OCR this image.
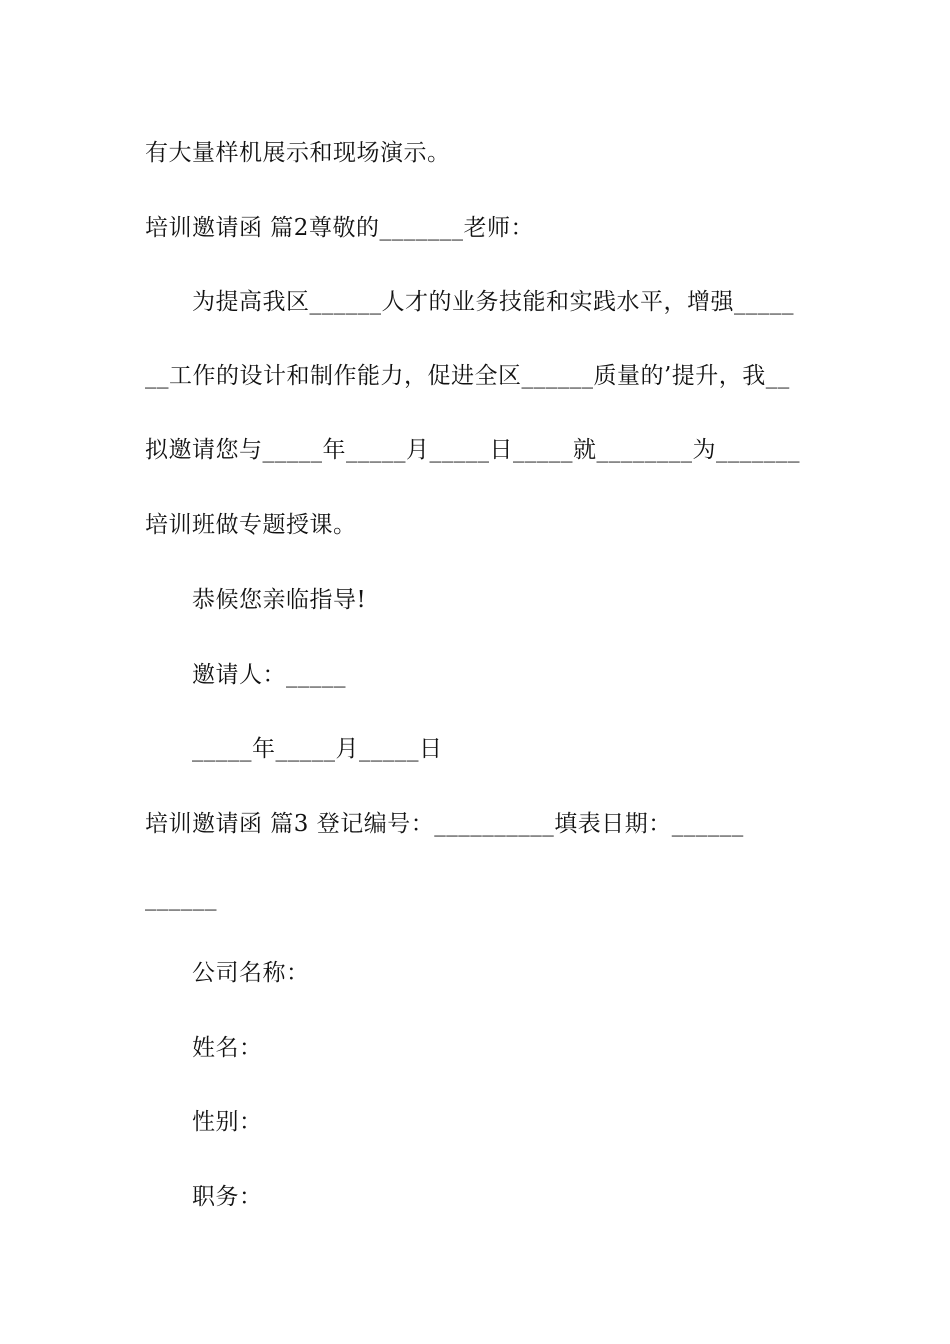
有大量样机展示和现场演示。
培训邀请函 篇2尊敬的_______老师：
为提高我区______人才的业务技能和实践水平，增强_____
__工作的设计和制作能力，促进全区______质量的’提升，我__
拟邀请您与_____年_____月_____日_____就________为_______
培训班做专题授课。
恭候您亲临指导!
邀请人：_____
_____年_____月_____日
培训邀请函 篇3 登记编号：__________填表日期：______
______
公司名称：
姓名：
性别：
职务：
